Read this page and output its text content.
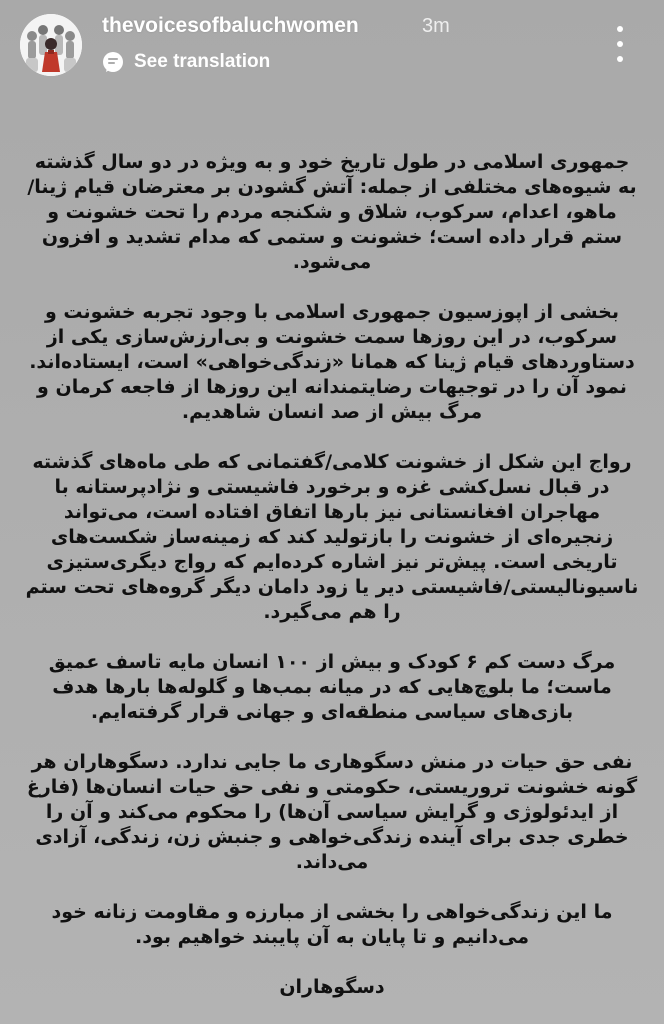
thevoicesofbaluchwomen	3m
See translation

جمهوری اسلامی در طول تاریخ خود و به ویژه در دو سال گذشته به شیوه‌های مختلفی از جمله: آتش گشودن بر معترضان قیام ژینا/ماهو، اعدام، سرکوب، شلاق و شکنجه مردم را تحت خشونت و ستم قرار داده است؛ خشونت و ستمی که مدام تشدید و افزون می‌شود.

بخشی از اپوزسیون جمهوری اسلامی با وجود تجربه خشونت و سرکوب، در این روزها سمت خشونت و بی‌ارزش‌سازی یکی از دستاوردهای قیام ژینا که همانا «زندگی‌خواهی» است، ایستاده‌اند. نمود آن را در توجیهات رضایتمندانه این روزها از فاجعه کرمان و مرگ بیش از صد انسان شاهدیم.

رواج این شکل از خشونت کلامی/گفتمانی که طی ماه‌های گذشته در قبال نسل‌کشی غزه و برخورد فاشیستی و نژادپرستانه با مهاجران افغانستانی نیز بارها اتفاق افتاده است، می‌تواند زنجیره‌ای از خشونت را بازتولید کند که زمینه‌ساز شکست‌های تاریخی است. پیش‌تر نیز اشاره کرده‌ایم که رواج دیگری‌ستیزی ناسیونالیستی/فاشیستی دیر یا زود دامان دیگر گروه‌های تحت ستم را هم می‌گیرد.

مرگ دست کم ۶ کودک و بیش از ۱۰۰ انسان مایه تاسف عمیق ماست؛ ما بلوچ‌هایی که در میانه بمب‌ها و گلوله‌ها بارها هدف بازی‌های سیاسی منطقه‌ای و جهانی قرار گرفته‌ایم.

نفی حق حیات در منش دسگوهاری ما جایی ندارد. دسگوهاران هر گونه خشونت تروریستی، حکومتی و نفی حق حیات انسان‌ها (فارغ از ایدئولوژی و گرایش سیاسی آن‌ها) را محکوم می‌کند و آن را خطری جدی برای آینده زندگی‌خواهی و جنبش زن، زندگی، آزادی می‌داند.

ما این زندگی‌خواهی را بخشی از مبارزه و مقاومت زنانه خود می‌دانیم و تا پایان به آن پایبند خواهیم بود.

دسگوهاران
